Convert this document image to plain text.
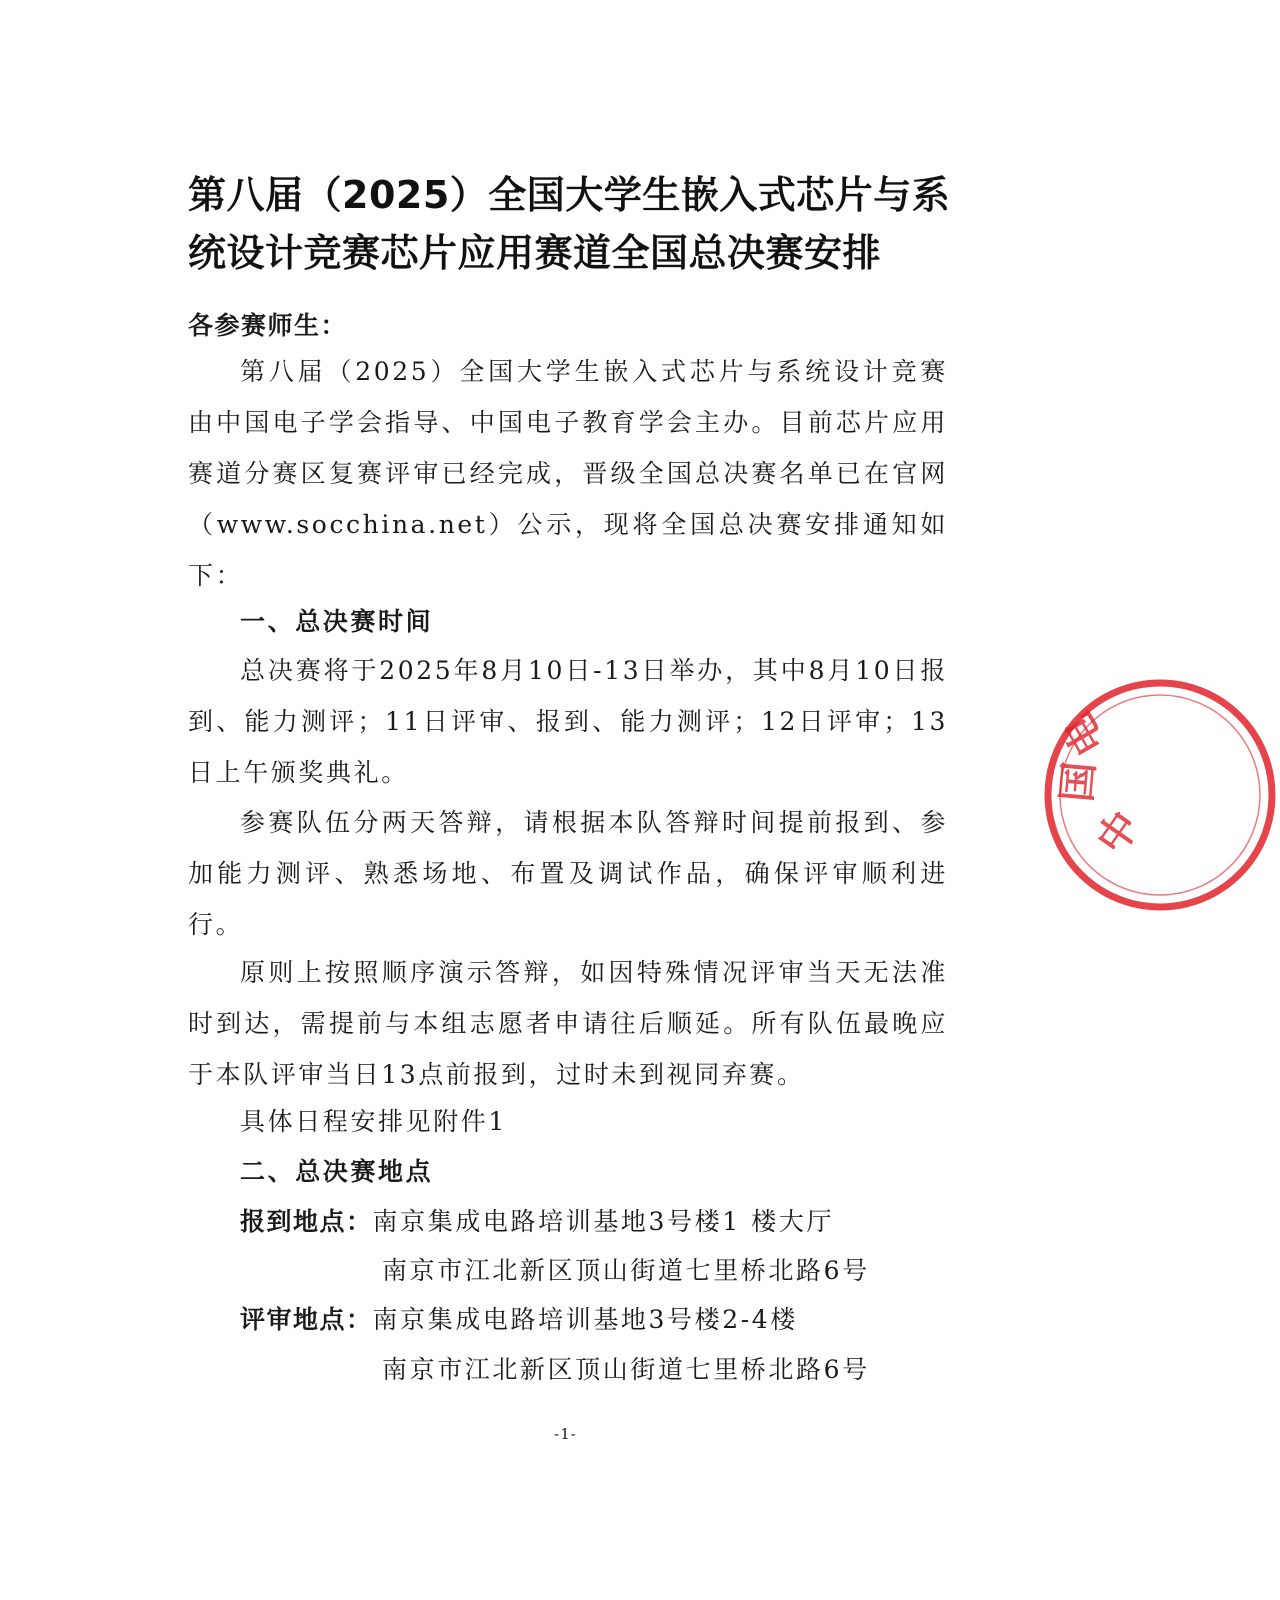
第八届（2025）全国大学生嵌入式芯片与系
统设计竞赛芯片应用赛道全国总决赛安排

各参赛师生：

第八届（2025）全国大学生嵌入式芯片与系统设计竞赛由中国电子学会指导、中国电子教育学会主办。目前芯片应用赛道分赛区复赛评审已经完成，晋级全国总决赛名单已在官网（www.socchina.net）公示，现将全国总决赛安排通知如下：

一、总决赛时间

总决赛将于2025年8月10日-13日举办，其中8月10日报到、能力测评；11日评审、报到、能力测评；12日评审；13日上午颁奖典礼。

参赛队伍分两天答辩，请根据本队答辩时间提前报到、参加能力测评、熟悉场地、布置及调试作品，确保评审顺利进行。

原则上按照顺序演示答辩，如因特殊情况评审当天无法准时到达，需提前与本组志愿者申请往后顺延。所有队伍最晚应于本队评审当日13点前报到，过时未到视同弃赛。

具体日程安排见附件1

二、总决赛地点

报到地点：南京集成电路培训基地3号楼1 楼大厅
南京市江北新区顶山街道七里桥北路6号
评审地点：南京集成电路培训基地3号楼2-4楼
南京市江北新区顶山街道七里桥北路6号
-1-
中
国
电
